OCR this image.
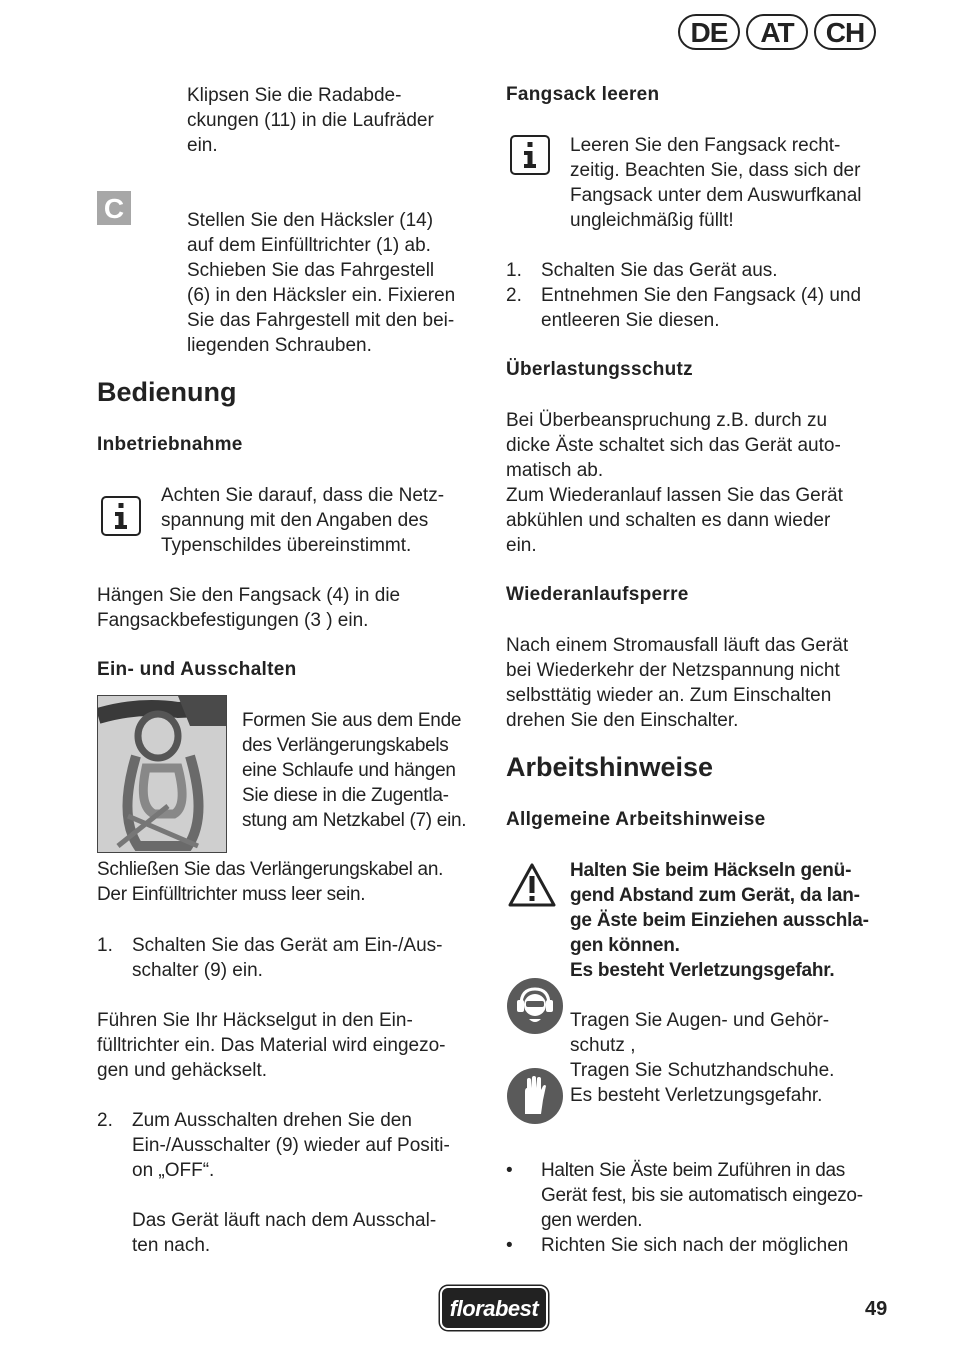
DE	AT	CH

Klipsen Sie die Radabde-
ckungen (11) in die Laufräder
ein.

C	Stellen Sie den Häcksler (14)
auf dem Einfülltrichter (1) ab.
Schieben Sie das Fahrgestell
(6) in den Häcksler ein. Fixieren
Sie das Fahrgestell mit den bei-
liegenden Schrauben.

Bedienung
Inbetriebnahme

Achten Sie darauf, dass die Netz-
spannung mit den Angaben des
Typenschildes übereinstimmt.

Hängen Sie den Fangsack (4) in die
Fangsackbefestigungen (3 ) ein.

Ein- und Ausschalten

Formen Sie aus dem Ende
des Verlängerungskabels
eine Schlaufe und hängen
Sie diese in die Zugentla-
stung am Netzkabel (7) ein.

Schließen Sie das Verlängerungskabel an.
Der Einfülltrichter muss leer sein.

1.	Schalten Sie das Gerät am Ein-/Aus-
schalter (9) ein.

Führen Sie Ihr Häckselgut in den Ein-
fülltrichter ein. Das Material wird eingezo-
gen und gehäckselt.

2.	Zum Ausschalten drehen Sie den
Ein-/Ausschalter (9) wieder auf Positi-
on „OFF“.

Das Gerät läuft nach dem Ausschal-
ten nach.

Fangsack leeren

Leeren Sie den Fangsack recht-
zeitig. Beachten Sie, dass sich der
Fangsack unter dem Auswurfkanal
ungleichmäßig füllt!

1.	Schalten Sie das Gerät aus.
2.	Entnehmen Sie den Fangsack (4) und
entleeren Sie diesen.
Überlastungsschutz

Bei Überbeanspruchung z.B. durch zu
dicke Äste schaltet sich das Gerät auto-
matisch ab.
Zum Wiederanlauf lassen Sie das Gerät
abkühlen und schalten es dann wieder
ein.

Wiederanlaufsperre

Nach einem Stromausfall läuft das Gerät
bei Wiederkehr der Netzspannung nicht
selbsttätig wieder an. Zum Einschalten
drehen Sie den Einschalter.

Arbeitshinweise
Allgemeine Arbeitshinweise

Halten Sie beim Häckseln genü-
gend Abstand zum Gerät, da lan-
ge Äste beim Einziehen ausschla-
gen können.
Es besteht Verletzungsgefahr.

Tragen Sie Augen- und Gehör-
schutz ,
Tragen Sie Schutzhandschuhe.
Es besteht Verletzungsgefahr.

•	Halten Sie Äste beim Zuführen in das
Gerät fest, bis sie automatisch eingezo-
gen werden.
•	Richten Sie sich nach der möglichen
florabest	49
